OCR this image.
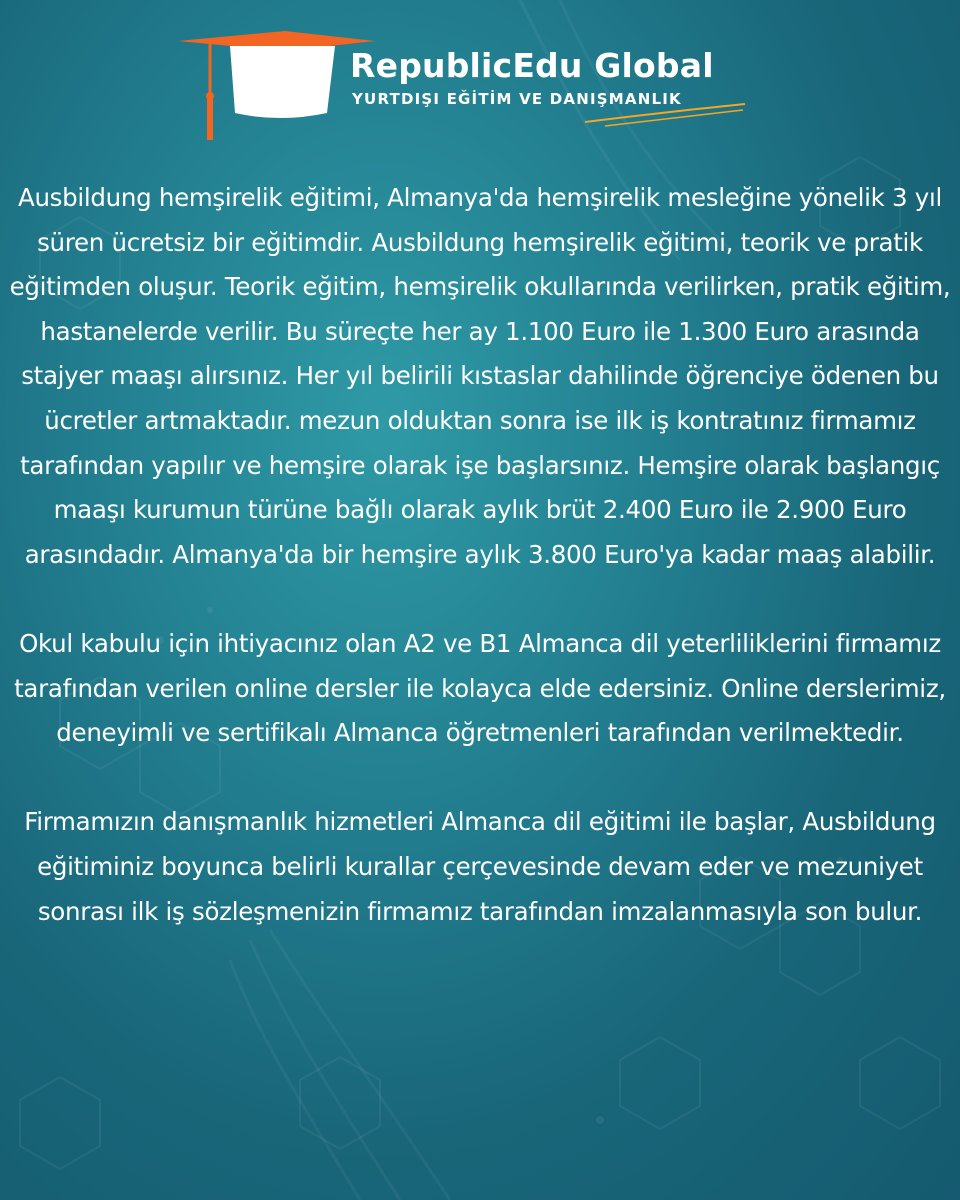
RepublicEdu Global
YURTDIŞI EĞİTİM VE DANIŞMANLIK

Ausbildung hemşirelik eğitimi, Almanya'da hemşirelik mesleğine yönelik 3 yıl süren ücretsiz bir eğitimdir. Ausbildung hemşirelik eğitimi, teorik ve pratik eğitimden oluşur. Teorik eğitim, hemşirelik okullarında verilirken, pratik eğitim, hastanelerde verilir. Bu süreçte her ay 1.100 Euro ile 1.300 Euro arasında stajyer maaşı alırsınız. Her yıl belirili kıstaslar dahilinde öğrenciye ödenen bu ücretler artmaktadır. mezun olduktan sonra ise ilk iş kontratınız firmamız tarafından yapılır ve hemşire olarak işe başlarsınız. Hemşire olarak başlangıç maaşı kurumun türüne bağlı olarak aylık brüt 2.400 Euro ile 2.900 Euro arasındadır. Almanya'da bir hemşire aylık 3.800 Euro'ya kadar maaş alabilir.

Okul kabulu için ihtiyacınız olan A2 ve B1 Almanca dil yeterliliklerini firmamız tarafından verilen online dersler ile kolayca elde edersiniz. Online derslerimiz, deneyimli ve sertifikalı Almanca öğretmenleri tarafından verilmektedir.

Firmamızın danışmanlık hizmetleri Almanca dil eğitimi ile başlar, Ausbildung eğitiminiz boyunca belirli kurallar çerçevesinde devam eder ve mezuniyet sonrası ilk iş sözleşmenizin firmamız tarafından imzalanmasıyla son bulur.
